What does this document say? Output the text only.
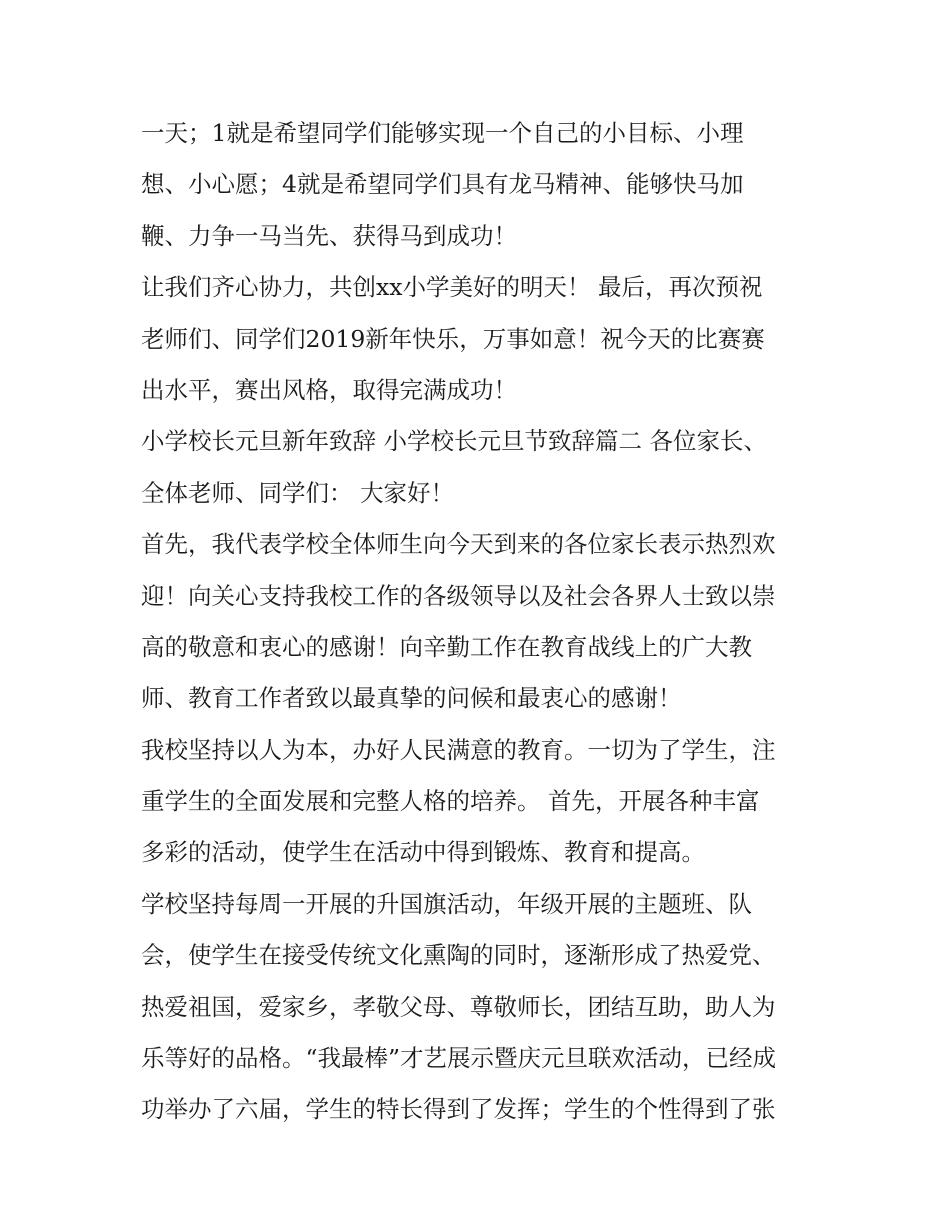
一天；1就是希望同学们能够实现一个自己的小目标、小理
想、小心愿；4就是希望同学们具有龙马精神、能够快马加
鞭、力争一马当先、获得马到成功！
让我们齐心协力，共创xx小学美好的明天！ 最后，再次预祝
老师们、同学们2019新年快乐，万事如意！祝今天的比赛赛
出水平，赛出风格，取得完满成功！
小学校长元旦新年致辞 小学校长元旦节致辞篇二 各位家长、
全体老师、同学们： 大家好！
首先，我代表学校全体师生向今天到来的各位家长表示热烈欢
迎！向关心支持我校工作的各级领导以及社会各界人士致以崇
高的敬意和衷心的感谢！向辛勤工作在教育战线上的广大教
师、教育工作者致以最真挚的问候和最衷心的感谢！
我校坚持以人为本，办好人民满意的教育。一切为了学生，注
重学生的全面发展和完整人格的培养。 首先，开展各种丰富
多彩的活动，使学生在活动中得到锻炼、教育和提高。
学校坚持每周一开展的升国旗活动，年级开展的主题班、队
会，使学生在接受传统文化熏陶的同时，逐渐形成了热爱党、
热爱祖国，爱家乡，孝敬父母、尊敬师长，团结互助，助人为
乐等好的品格。“我最棒”才艺展示暨庆元旦联欢活动，已经成
功举办了六届，学生的特长得到了发挥；学生的个性得到了张
